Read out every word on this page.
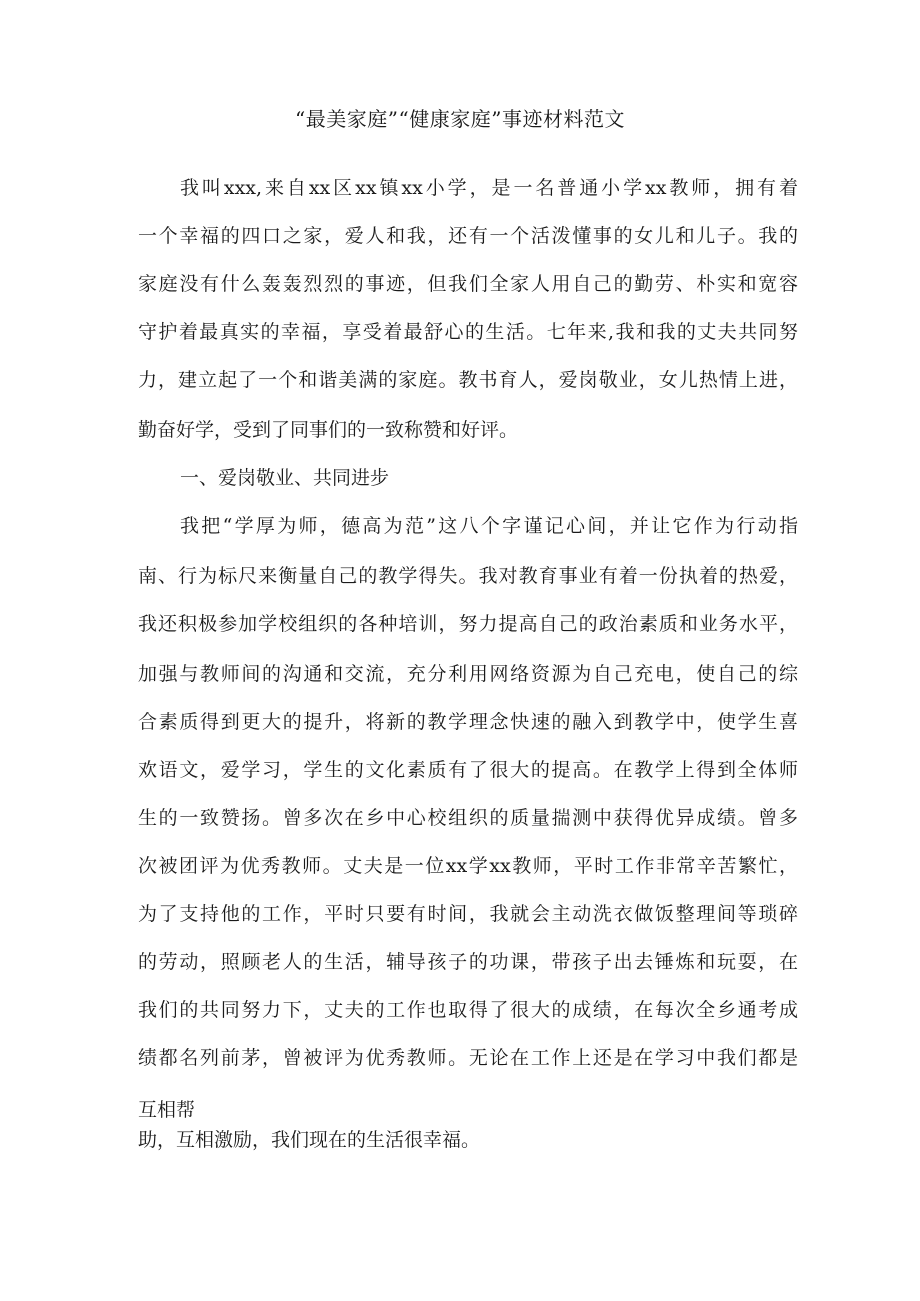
“最美家庭”“健康家庭”事迹材料范文
我叫xxx,来自xx区xx镇xx小学，是一名普通小学xx教师，拥有着
一个幸福的四口之家，爱人和我，还有一个活泼懂事的女儿和儿子。我的
家庭没有什么轰轰烈烈的事迹，但我们全家人用自己的勤劳、朴实和宽容
守护着最真实的幸福，享受着最舒心的生活。七年来,我和我的丈夫共同努
力，建立起了一个和谐美满的家庭。教书育人，爱岗敬业，女儿热情上进，
勤奋好学，受到了同事们的一致称赞和好评。
一、爱岗敬业、共同进步
我把“学厚为师，德高为范”这八个字谨记心间，并让它作为行动指
南、行为标尺来衡量自己的教学得失。我对教育事业有着一份执着的热爱，
我还积极参加学校组织的各种培训，努力提高自己的政治素质和业务水平，
加强与教师间的沟通和交流，充分利用网络资源为自己充电，使自己的综
合素质得到更大的提升，将新的教学理念快速的融入到教学中，使学生喜
欢语文，爱学习，学生的文化素质有了很大的提高。在教学上得到全体师
生的一致赞扬。曾多次在乡中心校组织的质量揣测中获得优异成绩。曾多
次被团评为优秀教师。丈夫是一位xx学xx教师，平时工作非常辛苦繁忙，
为了支持他的工作，平时只要有时间，我就会主动洗衣做饭整理间等琐碎
的劳动，照顾老人的生活，辅导孩子的功课，带孩子出去锤炼和玩耍，在
我们的共同努力下，丈夫的工作也取得了很大的成绩，在每次全乡通考成
绩都名列前茅，曾被评为优秀教师。无论在工作上还是在学习中我们都是
互相帮
助，互相激励，我们现在的生活很幸福。
